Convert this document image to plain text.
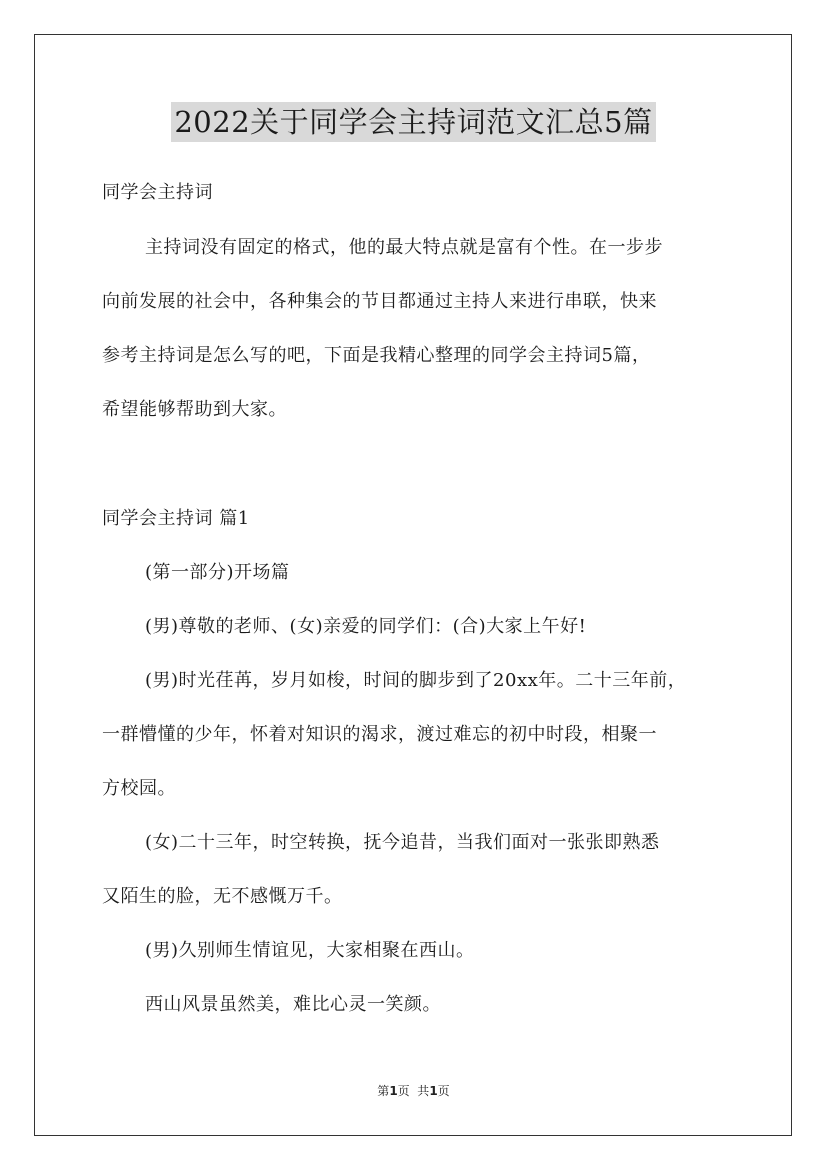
2022关于同学会主持词范文汇总5篇
同学会主持词
主持词没有固定的格式，他的最大特点就是富有个性。在一步步
向前发展的社会中，各种集会的节目都通过主持人来进行串联，快来
参考主持词是怎么写的吧，下面是我精心整理的同学会主持词5篇，
希望能够帮助到大家。
同学会主持词 篇1
(第一部分)开场篇
(男)尊敬的老师、(女)亲爱的同学们：(合)大家上午好!
(男)时光荏苒，岁月如梭，时间的脚步到了20xx年。二十三年前，
一群懵懂的少年，怀着对知识的渴求，渡过难忘的初中时段，相聚一
方校园。
(女)二十三年，时空转换，抚今追昔，当我们面对一张张即熟悉
又陌生的脸，无不感慨万千。
(男)久别师生情谊见，大家相聚在西山。
西山风景虽然美，难比心灵一笑颜。
第1页  共1页
